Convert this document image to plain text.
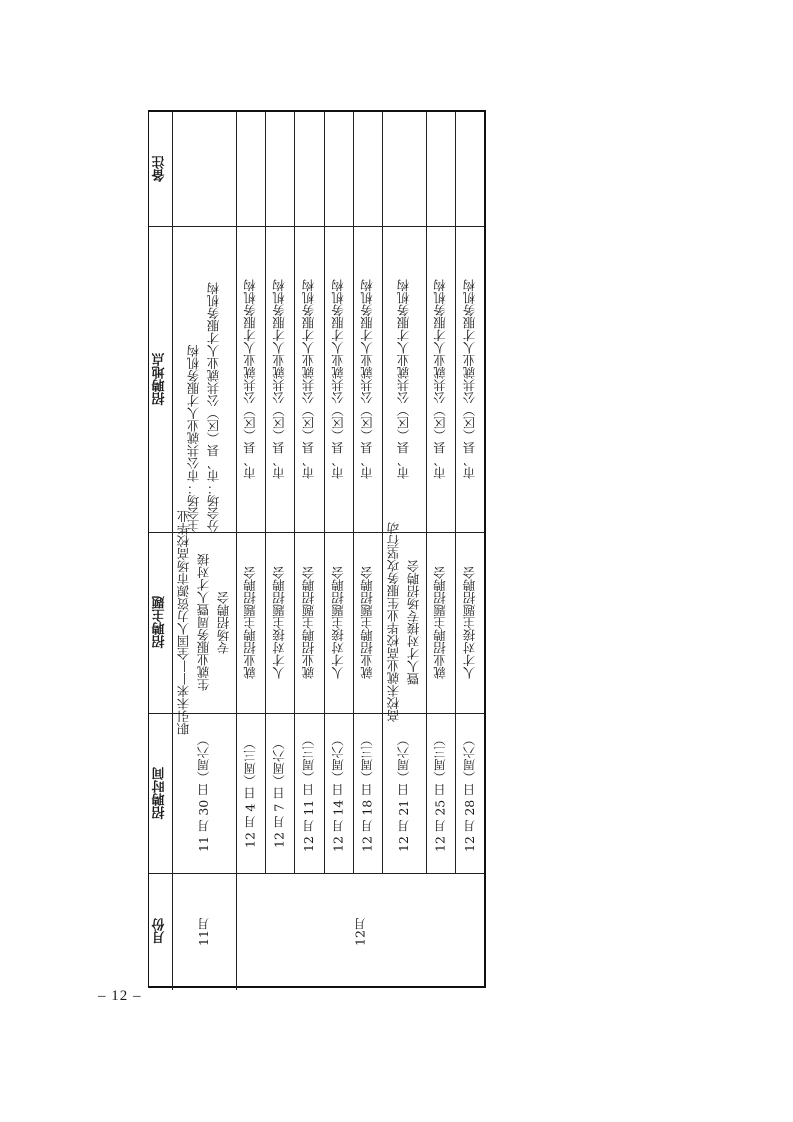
– 12 –
月份
招聘时间
招聘主题
招聘地点
备注
11月	12月
11 月 30 日（周六）
职引未来——全国人力资源市场高校毕业 生就业服务周暨人才对接 专场招聘会
主会场：市公共就业人才服务机构 分会场：市、县（区）公共就业人才服务机构
12 月 4 日（周三）
就业招聘主题招聘会
市、县（区）公共就业人才服务机构
12 月 7 日（周六）
人才对接主题招聘会
市、县（区）公共就业人才服务机构
12 月 11 日（周三）
就业招聘主题招聘会
市、县（区）公共就业人才服务机构
12 月 14 日（周六）
人才对接主题招聘会
市、县（区）公共就业人才服务机构
12 月 18 日（周三）
就业招聘主题招聘会
市、县（区）公共就业人才服务机构
12 月 21 日（周六）
高校未就业高校毕业生服务攻坚行动 暨人才对接专场招聘会
市、县（区）公共就业人才服务机构
12 月 25 日（周三）
就业招聘主题招聘会
市、县（区）公共就业人才服务机构
12 月 28 日（周六）
人才对接主题招聘会
市、县（区）公共就业人才服务机构
